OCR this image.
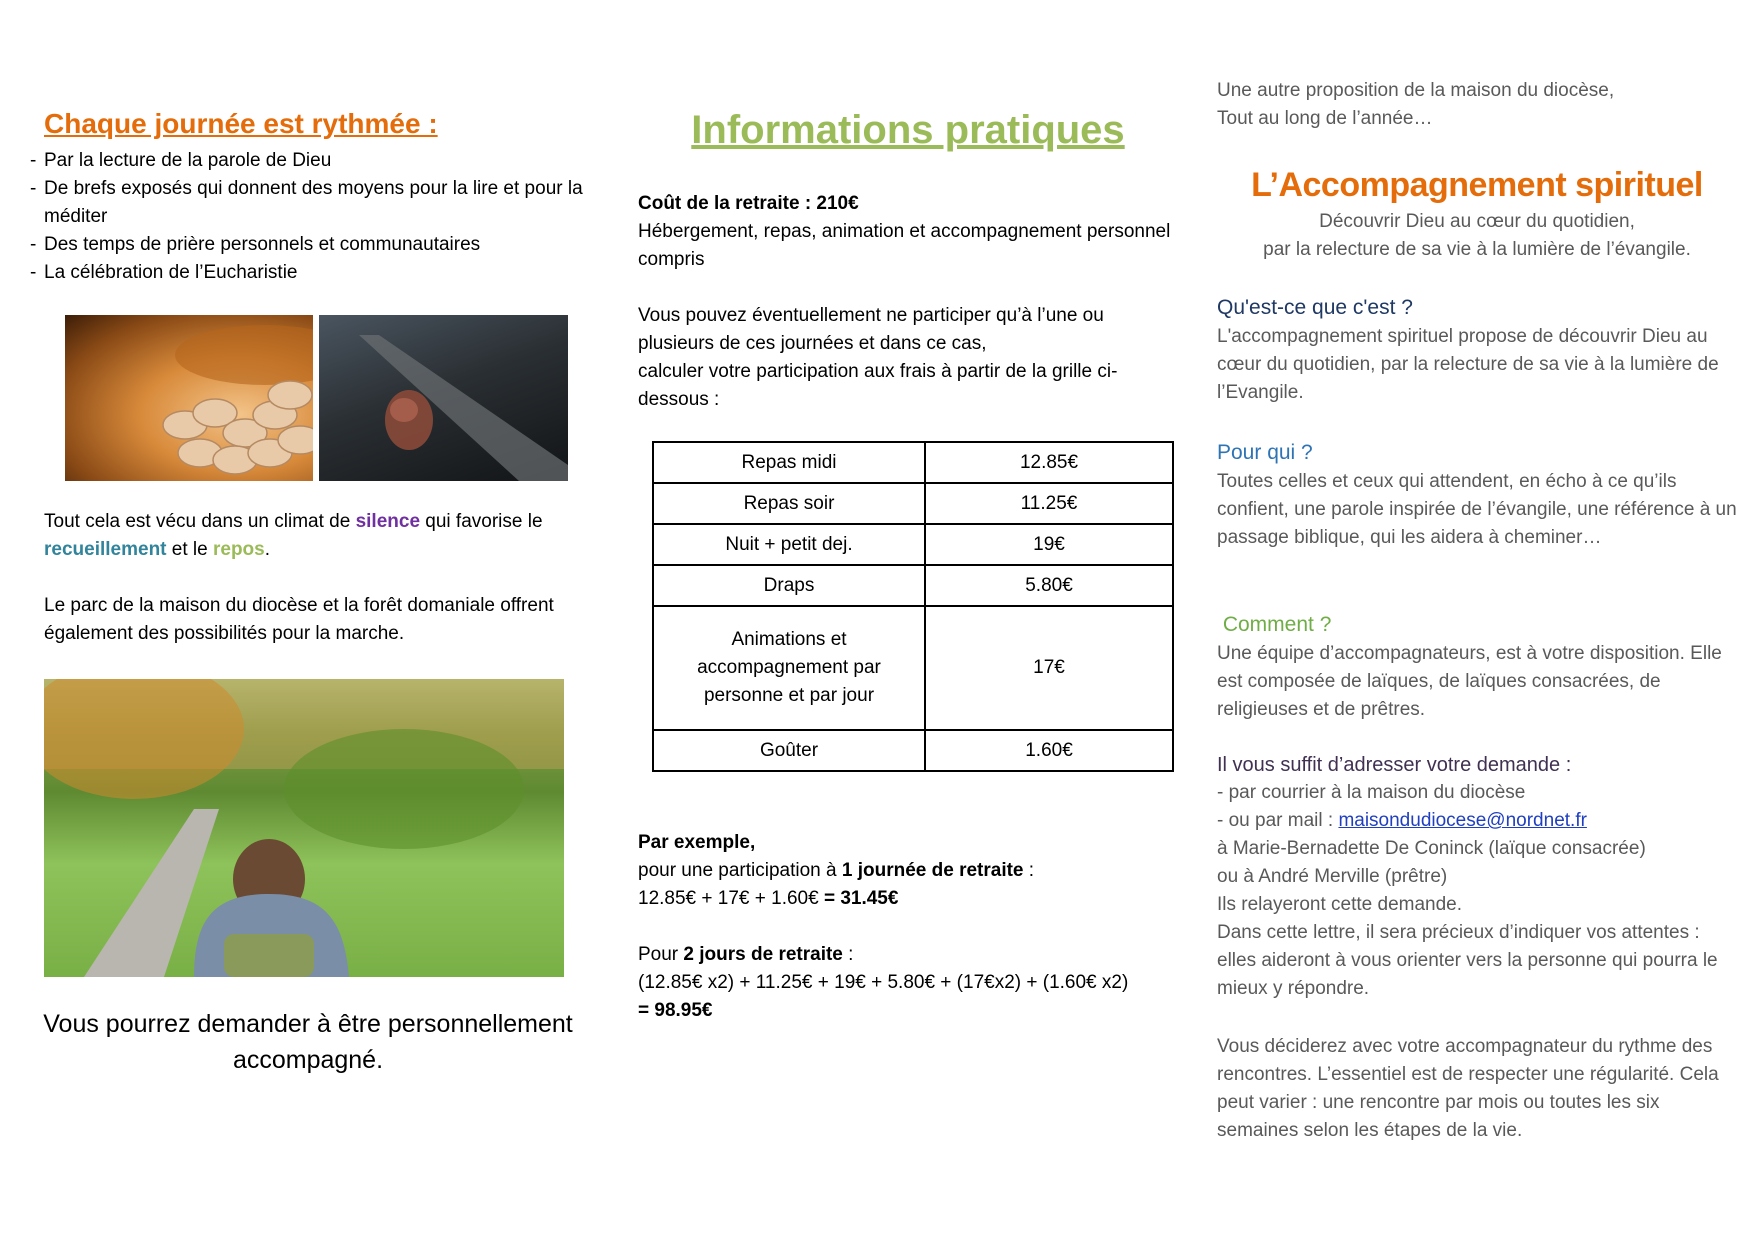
Chaque journée est rythmée :
- Par la lecture de la parole de Dieu
- De brefs exposés qui donnent des moyens pour la lire et pour la méditer
- Des temps de prière personnels et communautaires
- La célébration de l’Eucharistie

Tout cela est vécu dans un climat de silence qui favorise le recueillement et le repos.

Le parc de la maison du diocèse et la forêt domaniale offrent également des possibilités pour la marche.

Vous pourrez demander à être personnellement accompagné.

Informations pratiques

Coût de la retraite : 210€

Hébergement, repas, animation et accompagnement personnel compris

Vous pouvez éventuellement ne participer qu’à l’une ou plusieurs de ces journées et dans ce cas,

calculer votre participation aux frais à partir de la grille ci-dessous :

Repas midi	12.85€
Repas soir	11.25€
Nuit + petit dej.	19€
Draps	5.80€
Animations et accompagnement par personne et par jour	17€
Goûter	1.60€

Par exemple,

pour une participation à 1 journée de retraite :

12.85€ + 17€ + 1.60€ = 31.45€

Pour 2 jours de retraite :

(12.85€ x2) + 11.25€ + 19€ + 5.80€ + (17€x2) + (1.60€ x2)

= 98.95€

Une autre proposition de la maison du diocèse,

Tout au long de l’année…

L’Accompagnement spirituel

Découvrir Dieu au cœur du quotidien,

par la relecture de sa vie à la lumière de l’évangile.

Qu'est-ce que c'est ?

L'accompagnement spirituel propose de découvrir Dieu au cœur du quotidien, par la relecture de sa vie à la lumière de l’Evangile.

Pour qui ?

Toutes celles et ceux qui attendent, en écho à ce qu’ils confient, une parole inspirée de l’évangile, une référence à un passage biblique, qui les aidera à cheminer…

Comment ?

Une équipe d’accompagnateurs, est à votre disposition. Elle est composée de laïques, de laïques consacrées, de religieuses et de prêtres.

Il vous suffit d’adresser votre demande :

- par courrier à la maison du diocèse

- ou par mail : maisondudiocese@nordnet.fr

à Marie-Bernadette De Coninck (laïque consacrée)

ou à André Merville (prêtre)

Ils relayeront cette demande.

Dans cette lettre, il sera précieux d’indiquer vos attentes : elles aideront à vous orienter vers la personne qui pourra le mieux y répondre.

Vous déciderez avec votre accompagnateur du rythme des rencontres. L’essentiel est de respecter une régularité. Cela peut varier : une rencontre par mois ou toutes les six semaines selon les étapes de la vie.
